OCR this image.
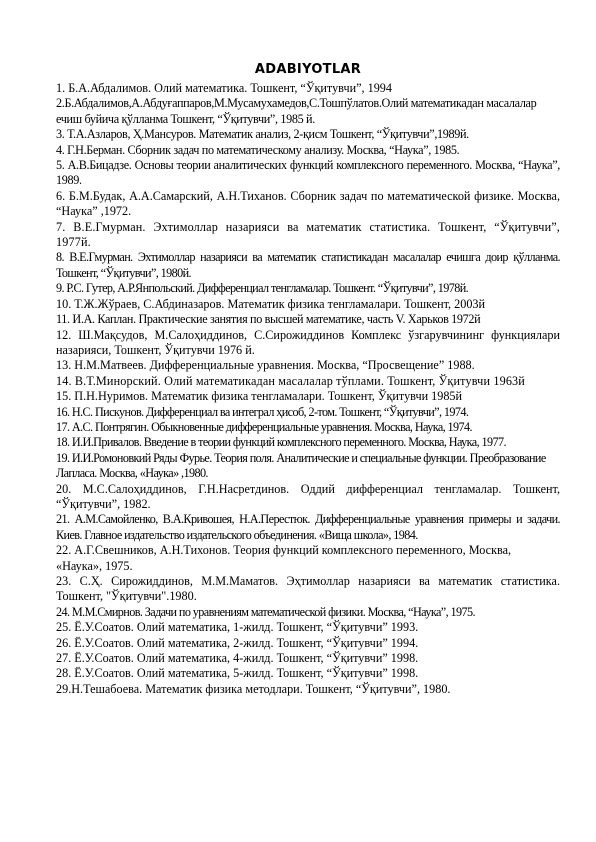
ADABIYOTLAR

1. Б.А.Абдалимов. Олий математика. Тошкент, “Ўқитувчи”, 1994

2.Б.Абдалимов,А.Абдуғаппаров,М.Мусамухамедов,С.Тошпўлатов.Олий математикадан масалалар ечиш буйича қўлланма Тошкент, “Ўқитувчи”, 1985 й.

3. Т.А.Азларов, Ҳ.Мансуров. Математик анализ, 2-қисм Тошкент, “Ўқитувчи”,1989й.

4. Г.Н.Берман. Сборник задач по математическому анализу. Москва, “Наука”, 1985.

5. А.В.Бицадзе. Основы теории аналитических функций комплексного переменного. Москва, “Наука”, 1989.

6. Б.М.Будак, А.А.Самарский, А.Н.Тиханов. Сборник задач по математической физике. Москва, “Наука” ,1972.

7. В.Е.Гмурман. Эхтимоллар назарияси ва математик статистика. Тошкент, “Ўқитувчи”, 1977й.

8. В.Е.Гмурман. Эхтимоллар назарияси ва математик статистикадан масалалар ечишга доир қўлланма. Тошкент, “Ўқитувчи”, 1980й.

9. Р.С. Гутер, А.Р.Янпольский. Дифференциал тенгламалар. Тошкент. “Ўқитувчи”, 1978й.

10. Т.Ж.Жўраев, С.Абдиназаров. Математик физика тенгламалари. Тошкент, 2003й

11. И.А. Каплан. Практические занятия по высшей математике, часть V. Харьков 1972й

12. Ш.Мақсудов, М.Салоҳиддинов, С.Сирожиддинов Комплекс ўзгарувчининг функциялари назарияси, Тошкент, Ўқитувчи 1976 й.

13. Н.М.Матвеев. Дифференциальные уравнения. Москва, “Просвещение” 1988.

14. В.Т.Минорский. Олий математикадан масалалар тўплами. Тошкент, Ўқитувчи 1963й

15. П.Н.Нуримов. Математик физика тенгламалари. Тошкент, Ўқитувчи 1985й

16. Н.С. Пискунов. Дифференциал ва интеграл ҳисоб, 2-том. Тошкент, “Ўқитувчи”, 1974.

17. А.С. Понтрягин. Обыкновенные дифференциальные уравнения. Москва, Наука, 1974.

18. И.И.Привалов. Введение в теории функций комплексного переменного. Москва, Наука, 1977.

19. И.И.Ромоновкий Ряды Фурье. Теория поля. Аналитические и специальные функции. Преобразование Лапласа. Москва, «Наука» ,1980.

20. М.С.Салоҳиддинов, Г.Н.Насретдинов. Оддий дифференциал тенгламалар. Тошкент, “Ўқитувчи”, 1982.

21. А.М.Самойленко, В.А.Кривошея, Н.А.Перестюк. Дифференциальные уравнения примеры и задачи. Киев. Главное издательство издательского объединения. «Вища школа», 1984.

22. А.Г.Свешников, А.Н.Тихонов. Теория функций комплексного переменного, Москва, «Наука», 1975.

23. С.Ҳ. Сирожиддинов, М.М.Маматов. Эҳтимоллар назарияси ва математик статистика. Тошкент, "Ўқитувчи".1980.

24. М.М.Смирнов. Задачи по уравнениям математической физики. Москва, “Наука”, 1975.

25. Ё.У.Соатов. Олий математика, 1-жилд. Тошкент, “Ўқитувчи” 1993.

26. Ё.У.Соатов. Олий математика, 2-жилд. Тошкент, “Ўқитувчи” 1994.

27. Ё.У.Соатов. Олий математика, 4-жилд. Тошкент, “Ўқитувчи” 1998.

28. Ё.У.Соатов. Олий математика, 5-жилд. Тошкент, “Ўқитувчи” 1998.

29.Н.Тешабоева. Математик физика методлари. Тошкент, “Ўқитувчи”, 1980.
